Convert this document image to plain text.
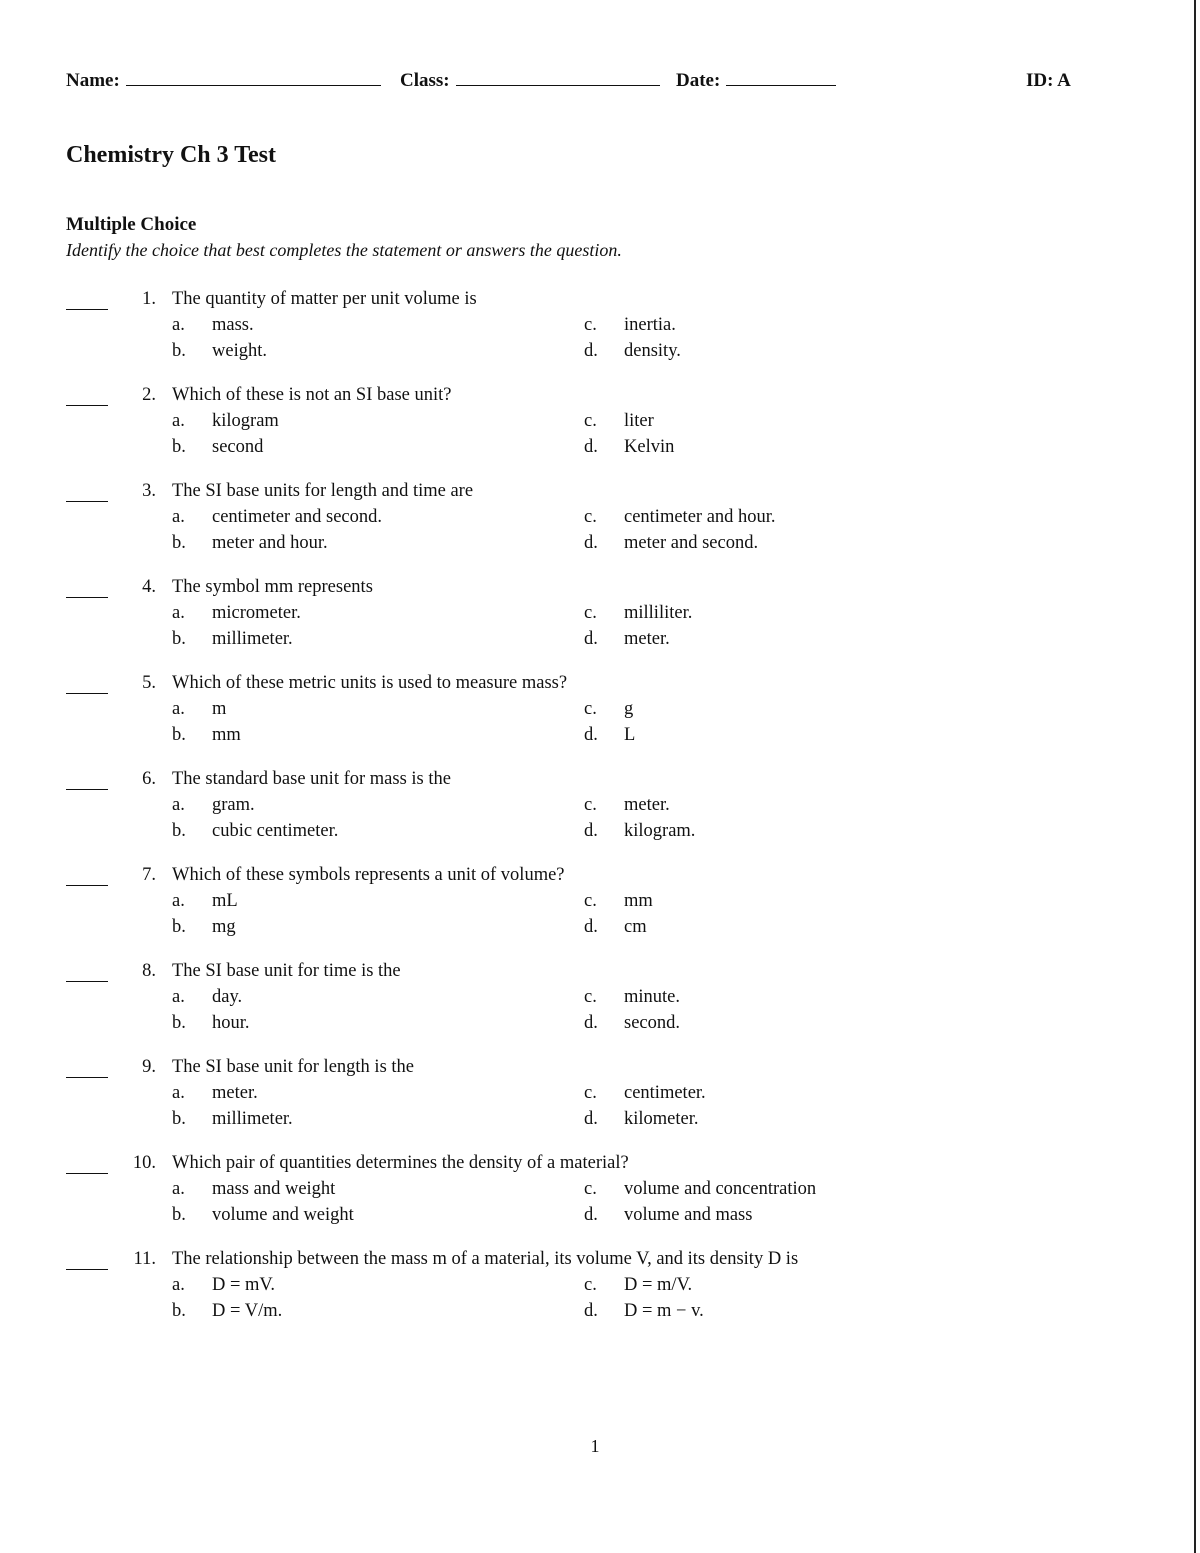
Name:	Class:	Date:	ID: A
Chemistry Ch 3 Test
Multiple Choice

Identify the choice that best completes the statement or answers the question.

1. The quantity of matter per unit volume is
a. mass.
b. weight.
c. inertia.
d. density.
2. Which of these is not an SI base unit?
a. kilogram
b. second
c. liter
d. Kelvin
3. The SI base units for length and time are
a. centimeter and second.
b. meter and hour.
c. centimeter and hour.
d. meter and second.
4. The symbol mm represents
a. micrometer.
b. millimeter.
c. milliliter.
d. meter.
5. Which of these metric units is used to measure mass?
a. m
b. mm
c. g
d. L
6. The standard base unit for mass is the
a. gram.
b. cubic centimeter.
c. meter.
d. kilogram.
7. Which of these symbols represents a unit of volume?
a. mL
b. mg
c. mm
d. cm
8. The SI base unit for time is the
a. day.
b. hour.
c. minute.
d. second.
9. The SI base unit for length is the
a. meter.
b. millimeter.
c. centimeter.
d. kilometer.
10. Which pair of quantities determines the density of a material?
a. mass and weight
b. volume and weight
c. volume and concentration
d. volume and mass
11. The relationship between the mass m of a material, its volume V, and its density D is
a. D = mV.
b. D = V/m.
c. D = m/V.
d. D = m − v.
1
